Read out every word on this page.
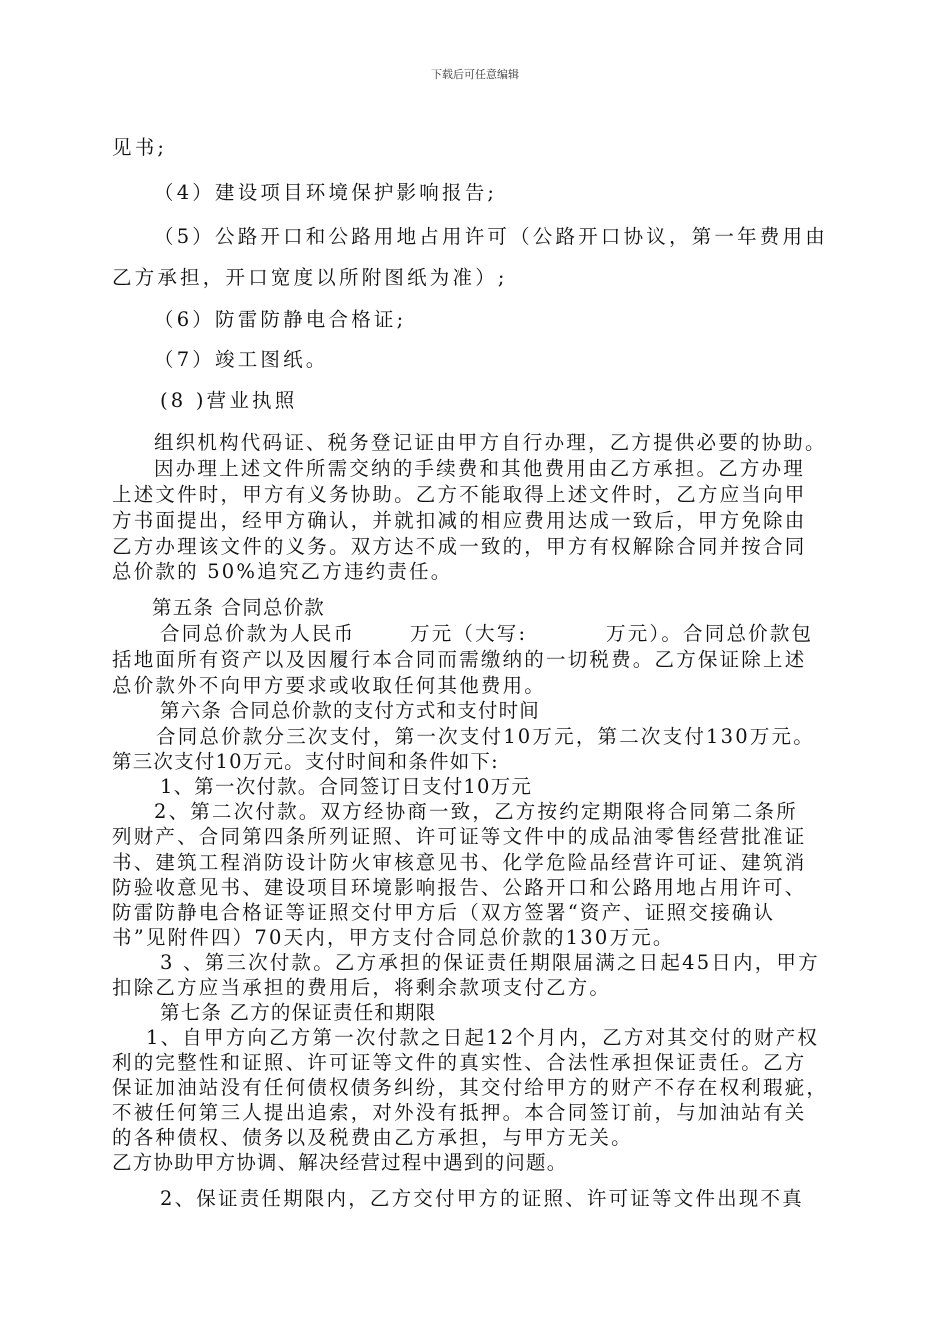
下载后可任意编辑
见书;
（4）建设项目环境保护影响报告;
（5）公路开口和公路用地占用许可（公路开口协议，第一年费用由
乙方承担，开口宽度以所附图纸为准）;
（6）防雷防静电合格证;
（7）竣工图纸。
(8 )营业执照
组织机构代码证、税务登记证由甲方自行办理，乙方提供必要的协助。
因办理上述文件所需交纳的手续费和其他费用由乙方承担。乙方办理
上述文件时，甲方有义务协助。乙方不能取得上述文件时，乙方应当向甲
方书面提出，经甲方确认，并就扣减的相应费用达成一致后，甲方免除由
乙方办理该文件的义务。双方达不成一致的，甲方有权解除合同并按合同
总价款的 50%追究乙方违约责任。
第五条 合同总价款
合同总价款为人民币	万元（大写:	万元）。合同总价款包
括地面所有资产以及因履行本合同而需缴纳的一切税费。乙方保证除上述
总价款外不向甲方要求或收取任何其他费用。
第六条 合同总价款的支付方式和支付时间
合同总价款分三次支付，第一次支付10万元，第二次支付130万元。
第三次支付10万元。支付时间和条件如下:
1、第一次付款。合同签订日支付10万元
2、第二次付款。双方经协商一致，乙方按约定期限将合同第二条所
列财产、合同第四条所列证照、许可证等文件中的成品油零售经营批准证
书、建筑工程消防设计防火审核意见书、化学危险品经营许可证、建筑消
防验收意见书、建设项目环境影响报告、公路开口和公路用地占用许可、
防雷防静电合格证等证照交付甲方后（双方签署“资产、证照交接确认
书”见附件四）70天内，甲方支付合同总价款的130万元。
3 、第三次付款。乙方承担的保证责任期限届满之日起45日内，甲方
扣除乙方应当承担的费用后，将剩余款项支付乙方。
第七条 乙方的保证责任和期限
1、自甲方向乙方第一次付款之日起12个月内，乙方对其交付的财产权
利的完整性和证照、许可证等文件的真实性、合法性承担保证责任。乙方
保证加油站没有任何债权债务纠纷，其交付给甲方的财产不存在权利瑕疵，
不被任何第三人提出追索，对外没有抵押。本合同签订前，与加油站有关
的各种债权、债务以及税费由乙方承担，与甲方无关。
乙方协助甲方协调、解决经营过程中遇到的问题。
2、保证责任期限内，乙方交付甲方的证照、许可证等文件出现不真
